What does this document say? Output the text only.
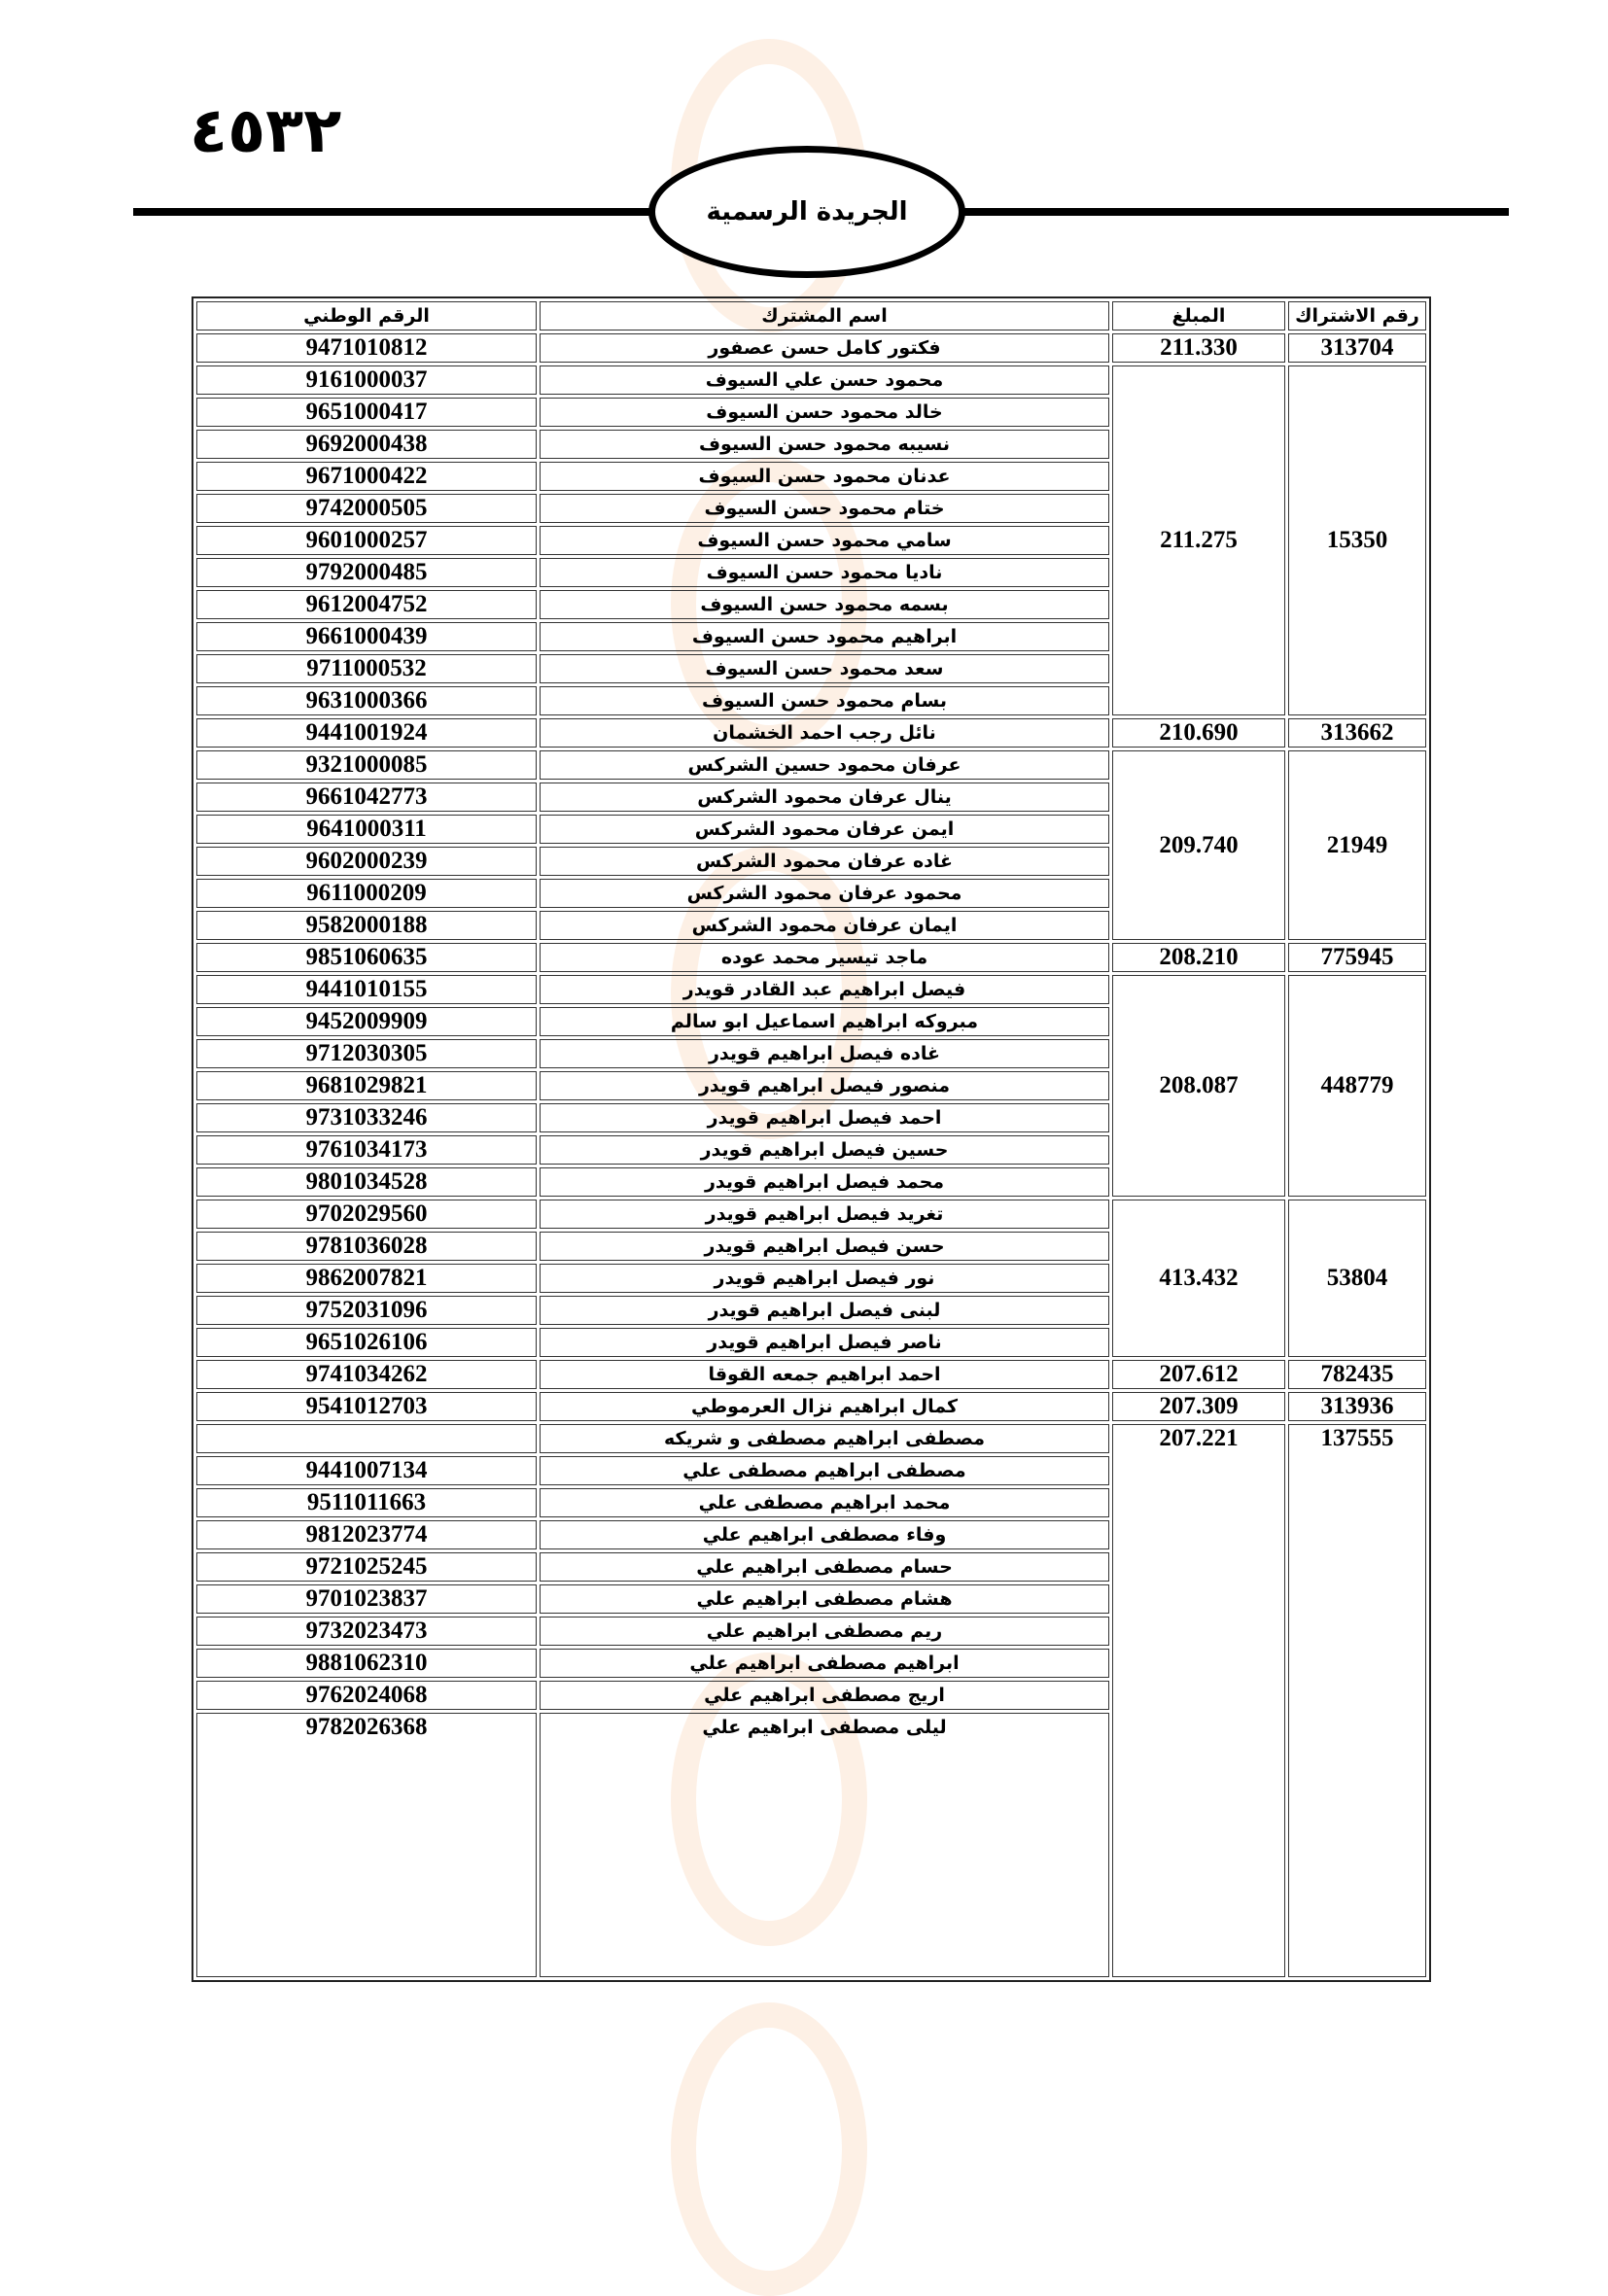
٤٥٣٢
الجريدة الرسمية
رقم الاشتراك	المبلغ	اسم المشترك	الرقم الوطني
313704	211.330	فكتور كامل حسن عصفور	9471010812
15350	211.275	محمود حسن علي السيوف	9161000037
		خالد محمود حسن السيوف	9651000417
		نسيبه محمود حسن السيوف	9692000438
		عدنان محمود حسن السيوف	9671000422
		ختام محمود حسن السيوف	9742000505
		سامي محمود حسن السيوف	9601000257
		ناديا محمود حسن السيوف	9792000485
		بسمه محمود حسن السيوف	9612004752
		ابراهيم محمود حسن السيوف	9661000439
		سعد محمود حسن السيوف	9711000532
		بسام محمود حسن السيوف	9631000366
313662	210.690	نائل رجب احمد الخشمان	9441001924
21949	209.740	عرفان محمود حسين الشركس	9321000085
		ينال عرفان محمود الشركس	9661042773
		ايمن عرفان محمود الشركس	9641000311
		غاده عرفان محمود الشركس	9602000239
		محمود عرفان محمود الشركس	9611000209
		ايمان عرفان محمود الشركس	9582000188
775945	208.210	ماجد تيسير محمد عوده	9851060635
448779	208.087	فيصل ابراهيم عبد القادر قويدر	9441010155
		مبروكه ابراهيم اسماعيل ابو سالم	9452009909
		غاده فيصل ابراهيم قويدر	9712030305
		منصور فيصل ابراهيم قويدر	9681029821
		احمد فيصل ابراهيم قويدر	9731033246
		حسين فيصل ابراهيم قويدر	9761034173
		محمد فيصل ابراهيم قويدر	9801034528
53804	413.432	تغريد فيصل ابراهيم قويدر	9702029560
		حسن فيصل ابراهيم قويدر	9781036028
		نور فيصل ابراهيم قويدر	9862007821
		لبنى فيصل ابراهيم قويدر	9752031096
		ناصر فيصل ابراهيم قويدر	9651026106
782435	207.612	احمد ابراهيم جمعه القوقا	9741034262
313936	207.309	كمال ابراهيم نزال العرموطي	9541012703
137555	207.221	مصطفى ابراهيم مصطفى و شريكه	
		مصطفى ابراهيم مصطفى علي	9441007134
		محمد ابراهيم مصطفى علي	9511011663
		وفاء مصطفى ابراهيم علي	9812023774
		حسام مصطفى ابراهيم علي	9721025245
		هشام مصطفى ابراهيم علي	9701023837
		ريم مصطفى ابراهيم علي	9732023473
		ابراهيم مصطفى ابراهيم علي	9881062310
		اريج مصطفى ابراهيم علي	9762024068
		ليلى مصطفى ابراهيم علي	9782026368
